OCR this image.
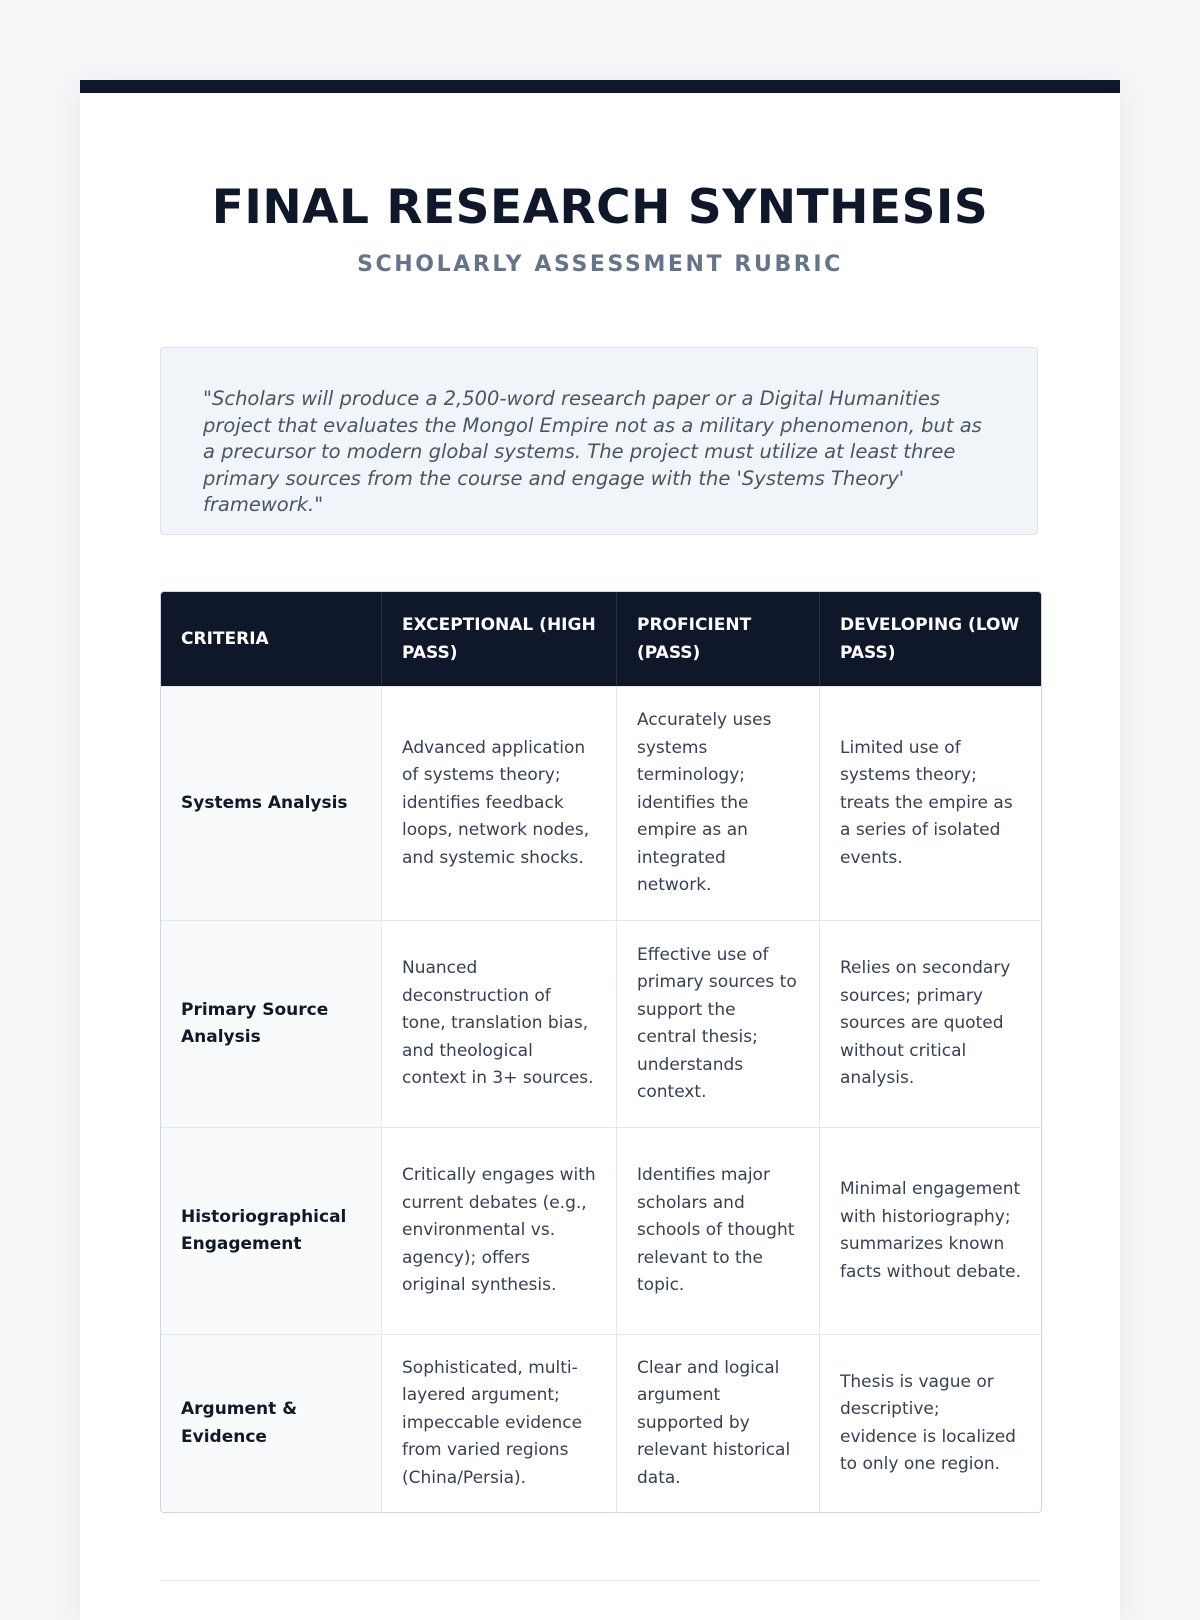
FINAL RESEARCH SYNTHESIS
SCHOLARLY ASSESSMENT RUBRIC
"Scholars will produce a 2,500-word research paper or a Digital Humanities project that evaluates the Mongol Empire not as a military phenomenon, but as a precursor to modern global systems. The project must utilize at least three primary sources from the course and engage with the 'Systems Theory' framework."
CRITERIA	EXCEPTIONAL (HIGH PASS)	PROFICIENT (PASS)	DEVELOPING (LOW PASS)
Systems Analysis	Advanced application of systems theory; identifies feedback loops, network nodes, and systemic shocks.	Accurately uses systems terminology; identifies the empire as an integrated network.	Limited use of systems theory; treats the empire as a series of isolated events.
Primary Source Analysis	Nuanced deconstruction of tone, translation bias, and theological context in 3+ sources.	Effective use of primary sources to support the central thesis; understands context.	Relies on secondary sources; primary sources are quoted without critical analysis.
Historiographical Engagement	Critically engages with current debates (e.g., environmental vs. agency); offers original synthesis.	Identifies major scholars and schools of thought relevant to the topic.	Minimal engagement with historiography; summarizes known facts without debate.
Argument & Evidence	Sophisticated, multi-layered argument; impeccable evidence from varied regions (China/Persia).	Clear and logical argument supported by relevant historical data.	Thesis is vague or descriptive; evidence is localized to only one region.
